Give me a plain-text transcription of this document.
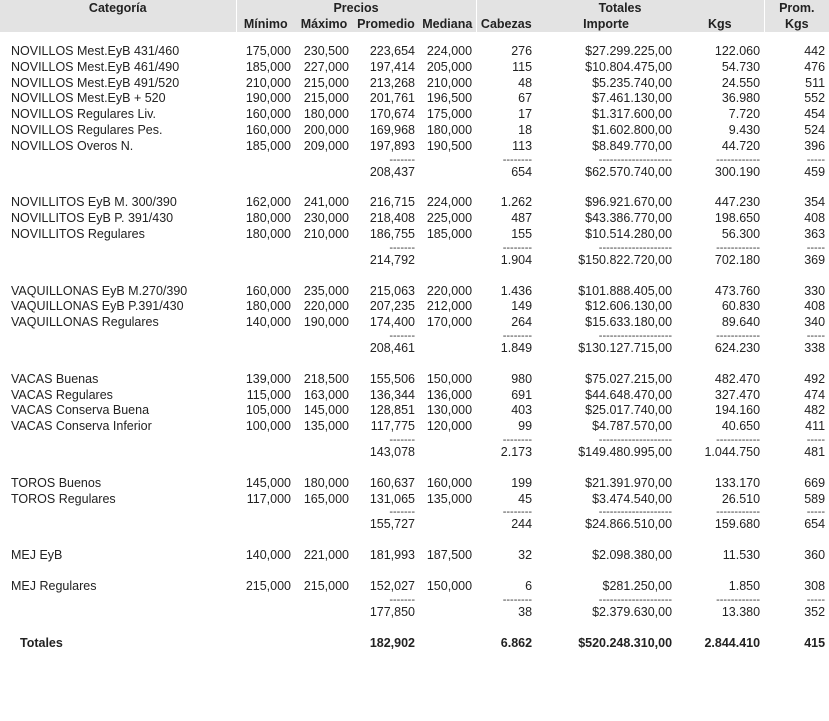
Categoría	Precios				Totales			Prom.
	Mínimo	Máximo	Promedio	Mediana	Cabezas	Importe	Kgs	Kgs

NOVILLOS Mest.EyB 431/460	175,000	230,500	223,654	224,000	276	$27.299.225,00	122.060	442
NOVILLOS Mest.EyB 461/490	185,000	227,000	197,414	205,000	115	$10.804.475,00	54.730	476
NOVILLOS Mest.EyB 491/520	210,000	215,000	213,268	210,000	48	$5.235.740,00	24.550	511
NOVILLOS Mest.EyB + 520	190,000	215,000	201,761	196,500	67	$7.461.130,00	36.980	552
NOVILLOS Regulares Liv.	160,000	180,000	170,674	175,000	17	$1.317.600,00	7.720	454
NOVILLOS Regulares Pes.	160,000	200,000	169,968	180,000	18	$1.602.800,00	9.430	524
NOVILLOS Overos N.	185,000	209,000	197,893	190,500	113	$8.849.770,00	44.720	396
			-------		--------	--------------------	------------	-----
			208,437		654	$62.570.740,00	300.190	459

NOVILLITOS EyB M. 300/390	162,000	241,000	216,715	224,000	1.262	$96.921.670,00	447.230	354
NOVILLITOS EyB P. 391/430	180,000	230,000	218,408	225,000	487	$43.386.770,00	198.650	408
NOVILLITOS Regulares	180,000	210,000	186,755	185,000	155	$10.514.280,00	56.300	363
			-------		--------	--------------------	------------	-----
			214,792		1.904	$150.822.720,00	702.180	369

VAQUILLONAS EyB M.270/390	160,000	235,000	215,063	220,000	1.436	$101.888.405,00	473.760	330
VAQUILLONAS EyB P.391/430	180,000	220,000	207,235	212,000	149	$12.606.130,00	60.830	408
VAQUILLONAS Regulares	140,000	190,000	174,400	170,000	264	$15.633.180,00	89.640	340
			-------		--------	--------------------	------------	-----
			208,461		1.849	$130.127.715,00	624.230	338

VACAS Buenas	139,000	218,500	155,506	150,000	980	$75.027.215,00	482.470	492
VACAS Regulares	115,000	163,000	136,344	136,000	691	$44.648.470,00	327.470	474
VACAS Conserva Buena	105,000	145,000	128,851	130,000	403	$25.017.740,00	194.160	482
VACAS Conserva Inferior	100,000	135,000	117,775	120,000	99	$4.787.570,00	40.650	411
			-------		--------	--------------------	------------	-----
			143,078		2.173	$149.480.995,00	1.044.750	481

TOROS Buenos	145,000	180,000	160,637	160,000	199	$21.391.970,00	133.170	669
TOROS Regulares	117,000	165,000	131,065	135,000	45	$3.474.540,00	26.510	589
			-------		--------	--------------------	------------	-----
			155,727		244	$24.866.510,00	159.680	654

MEJ EyB	140,000	221,000	181,993	187,500	32	$2.098.380,00	11.530	360

MEJ Regulares	215,000	215,000	152,027	150,000	6	$281.250,00	1.850	308
			-------		--------	--------------------	------------	-----
			177,850		38	$2.379.630,00	13.380	352

Totales			182,902		6.862	$520.248.310,00	2.844.410	415
